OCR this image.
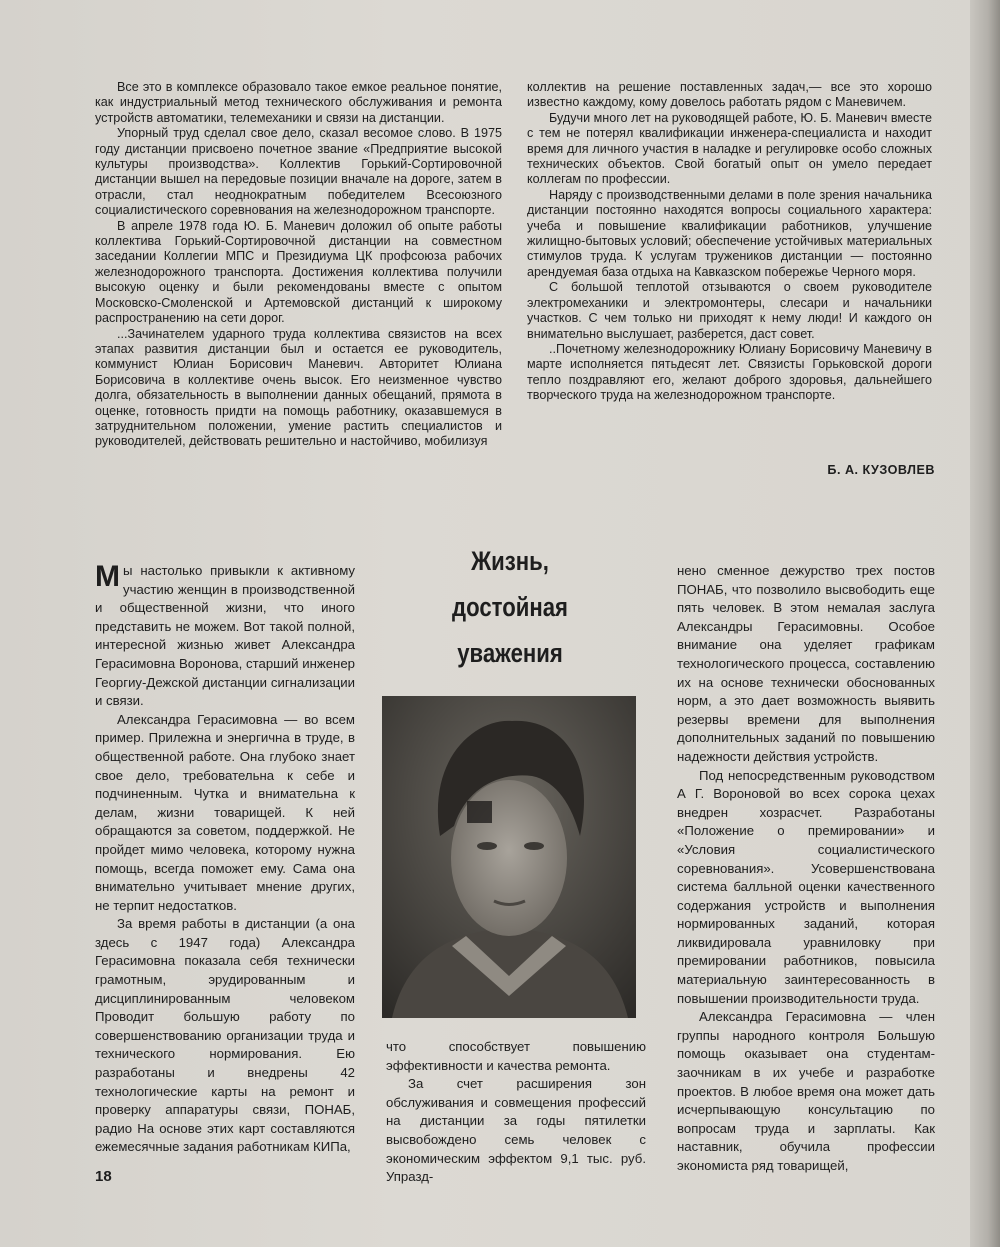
Все это в комплексе образовало такое емкое реальное понятие, как индустриальный метод технического обслуживания и ремонта устройств автоматики, телемеханики и связи на дистанции.

Упорный труд сделал свое дело, сказал весомое слово. В 1975 году дистанции присвоено почетное звание «Предприятие высокой культуры производства». Коллектив Горький-Сортировочной дистанции вышел на передовые позиции вначале на дороге, затем в отрасли, стал неоднократным победителем Всесоюзного социалистического соревнования на железнодорожном транспорте.

В апреле 1978 года Ю. Б. Маневич доложил об опыте работы коллектива Горький-Сортировочной дистанции на совместном заседании Коллегии МПС и Президиума ЦК профсоюза рабочих железнодорожного транспорта. Достижения коллектива получили высокую оценку и были рекомендованы вместе с опытом Московско-Смоленской и Артемовской дистанций к широкому распространению на сети дорог.

...Зачинателем ударного труда коллектива связистов на всех этапах развития дистанции был и остается ее руководитель, коммунист Юлиан Борисович Маневич. Авторитет Юлиана Борисовича в коллективе очень высок. Его неизменное чувство долга, обязательность в выполнении данных обещаний, прямота в оценке, готовность придти на помощь работнику, оказавшемуся в затруднительном положении, умение растить специалистов и руководителей, действовать решительно и настойчиво, мобилизуя

коллектив на решение поставленных задач,— все это хорошо известно каждому, кому довелось работать рядом с Маневичем.

Будучи много лет на руководящей работе, Ю. Б. Маневич вместе с тем не потерял квалификации инженера-специалиста и находит время для личного участия в наладке и регулировке особо сложных технических объектов. Свой богатый опыт он умело передает коллегам по профессии.

Наряду с производственными делами в поле зрения начальника дистанции постоянно находятся вопросы социального характера: учеба и повышение квалификации работников, улучшение жилищно-бытовых условий; обеспечение устойчивых материальных стимулов труда. К услугам тружеников дистанции — постоянно арендуемая база отдыха на Кавказском побережье Черного моря.

С большой теплотой отзываются о своем руководителе электромеханики и электромонтеры, слесари и начальники участков. С чем только ни приходят к нему люди! И каждого он внимательно выслушает, разберется, даст совет.

..Почетному железнодорожнику Юлиану Борисовичу Маневичу в марте исполняется пятьдесят лет. Связисты Горьковской дороги тепло поздравляют его, желают доброго здоровья, дальнейшего творческого труда на железнодорожном транспорте.

Б. А. КУЗОВЛЕВ
Жизнь,
достойная уважения

Мы настолько привыкли к активному участию женщин в производственной и общественной жизни, что иного представить не можем. Вот такой полной, интересной жизнью живет Александра Герасимовна Воронова, старший инженер Георгиу-Дежской дистанции сигнализации и связи.

Александра Герасимовна — во всем пример. Прилежна и энергична в труде, в общественной работе. Она глубоко знает свое дело, требовательна к себе и подчиненным. Чутка и внимательна к делам, жизни товарищей. К ней обращаются за советом, поддержкой. Не пройдет мимо человека, которому нужна помощь, всегда поможет ему. Сама она внимательно учитывает мнение других, не терпит недостатков.

За время работы в дистанции (а она здесь с 1947 года) Александра Герасимовна показала себя технически грамотным, эрудированным и дисциплинированным человеком Проводит большую работу по совершенствованию организации труда и технического нормирования. Ею разработаны и внедрены 42 технологические карты на ремонт и проверку аппаратуры связи, ПОНАБ, радио На основе этих карт составляются ежемесячные задания работникам КИПа,

что способствует повышению эффективности и качества ремонта.

За счет расширения зон обслуживания и совмещения профессий на дистанции за годы пятилетки высвобождено семь человек с экономическим эффектом 9,1 тыс. руб. Упразд-

нено сменное дежурство трех постов ПОНАБ, что позволило высвободить еще пять человек. В этом немалая заслуга Александры Герасимовны. Особое внимание она уделяет графикам технологического процесса, составлению их на основе технически обоснованных норм, а это дает возможность выявить резервы времени для выполнения дополнительных заданий по повышению надежности действия устройств.

Под непосредственным руководством А Г. Вороновой во всех сорока цехах внедрен хозрасчет. Разработаны «Положение о премировании» и «Условия социалистического соревнования». Усовершенствована система балльной оценки качественного содержания устройств и выполнения нормированных заданий, которая ликвидировала уравниловку при премировании работников, повысила материальную заинтересованность в повышении производительности труда.

Александра Герасимовна — член группы народного контроля Большую помощь оказывает она студентам-заочникам в их учебе и разработке проектов. В любое время она может дать исчерпывающую консультацию по вопросам труда и зарплаты. Как наставник, обучила профессии экономиста ряд товарищей,

18
